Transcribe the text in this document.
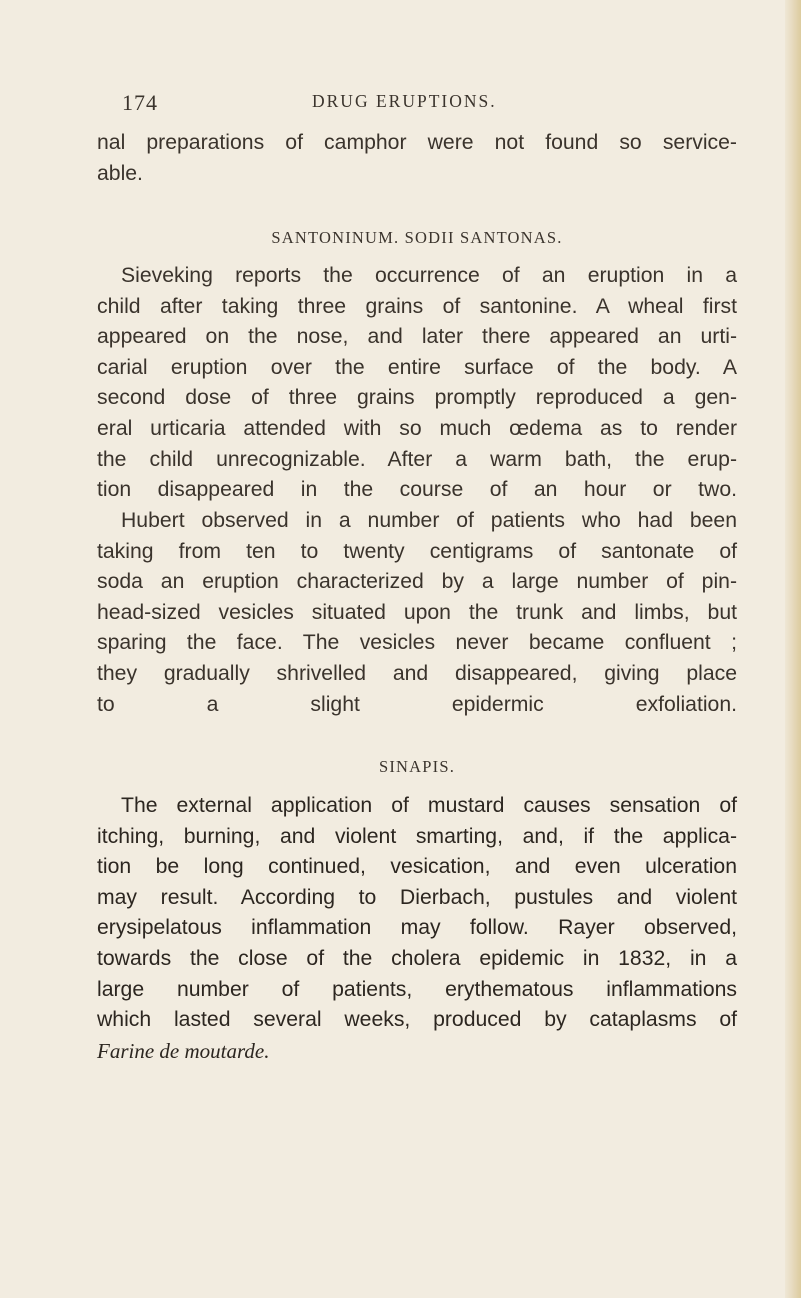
174	DRUG ERUPTIONS.
nal preparations of camphor were not found so service-
able.
SANTONINUM. SODII SANTONAS.
Sieveking reports the occurrence of an eruption in a
child after taking three grains of santonine. A wheal first
appeared on the nose, and later there appeared an urti-
carial eruption over the entire surface of the body. A
second dose of three grains promptly reproduced a gen-
eral urticaria attended with so much œdema as to render
the child unrecognizable. After a warm bath, the erup-
tion disappeared in the course of an hour or two.
Hubert observed in a number of patients who had been
taking from ten to twenty centigrams of santonate of
soda an eruption characterized by a large number of pin-
head-sized vesicles situated upon the trunk and limbs, but
sparing the face. The vesicles never became confluent ;
they gradually shrivelled and disappeared, giving place
to a slight epidermic exfoliation.
SINAPIS.
The external application of mustard causes sensation of
itching, burning, and violent smarting, and, if the applica-
tion be long continued, vesication, and even ulceration
may result. According to Dierbach, pustules and violent
erysipelatous inflammation may follow. Rayer observed,
towards the close of the cholera epidemic in 1832, in a
large number of patients, erythematous inflammations
which lasted several weeks, produced by cataplasms of
Farine de moutarde.
